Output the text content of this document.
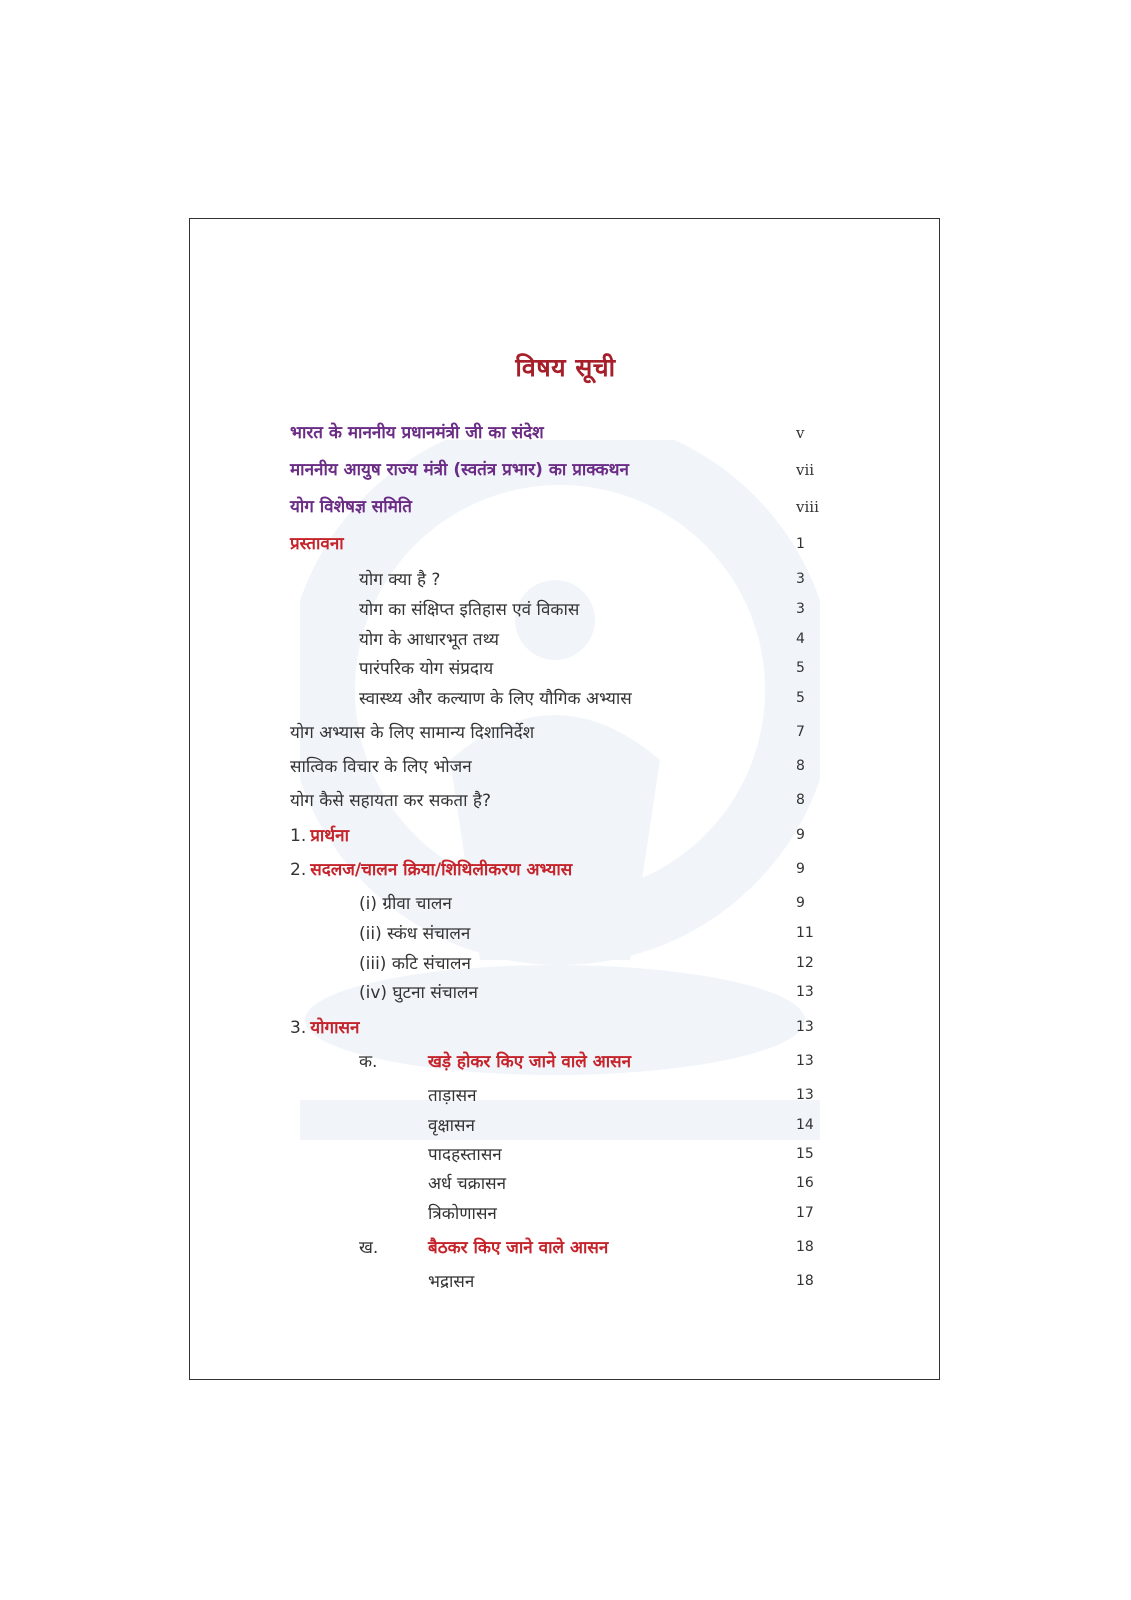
विषय सूची
भारत के माननीय प्रधानमंत्री जी का संदेश	v
माननीय आयुष राज्य मंत्री (स्वतंत्र प्रभार) का प्राक्कथन	vii
योग विशेषज्ञ समिति	viii
प्रस्तावना	1
योग क्या है ?	3
योग का संक्षिप्त इतिहास एवं विकास	3
योग के आधारभूत तथ्य	4
पारंपरिक योग संप्रदाय	5
स्वास्थ्य और कल्याण के लिए यौगिक अभ्यास	5
योग अभ्यास के लिए सामान्य दिशानिर्देश	7
सात्विक विचार के लिए भोजन	8
योग कैसे सहायता कर सकता है?	8
1. प्रार्थना	9
2. सदलज/चालन क्रिया/शिथिलीकरण अभ्यास	9
(i) ग्रीवा चालन	9
(ii) स्कंध संचालन	11
(iii) कटि संचालन	12
(iv) घुटना संचालन	13
3. योगासन	13
क.	खड़े होकर किए जाने वाले आसन	13
ताड़ासन	13
वृक्षासन	14
पादहस्तासन	15
अर्ध चक्रासन	16
त्रिकोणासन	17
ख.	बैठकर किए जाने वाले आसन	18
भद्रासन	18
